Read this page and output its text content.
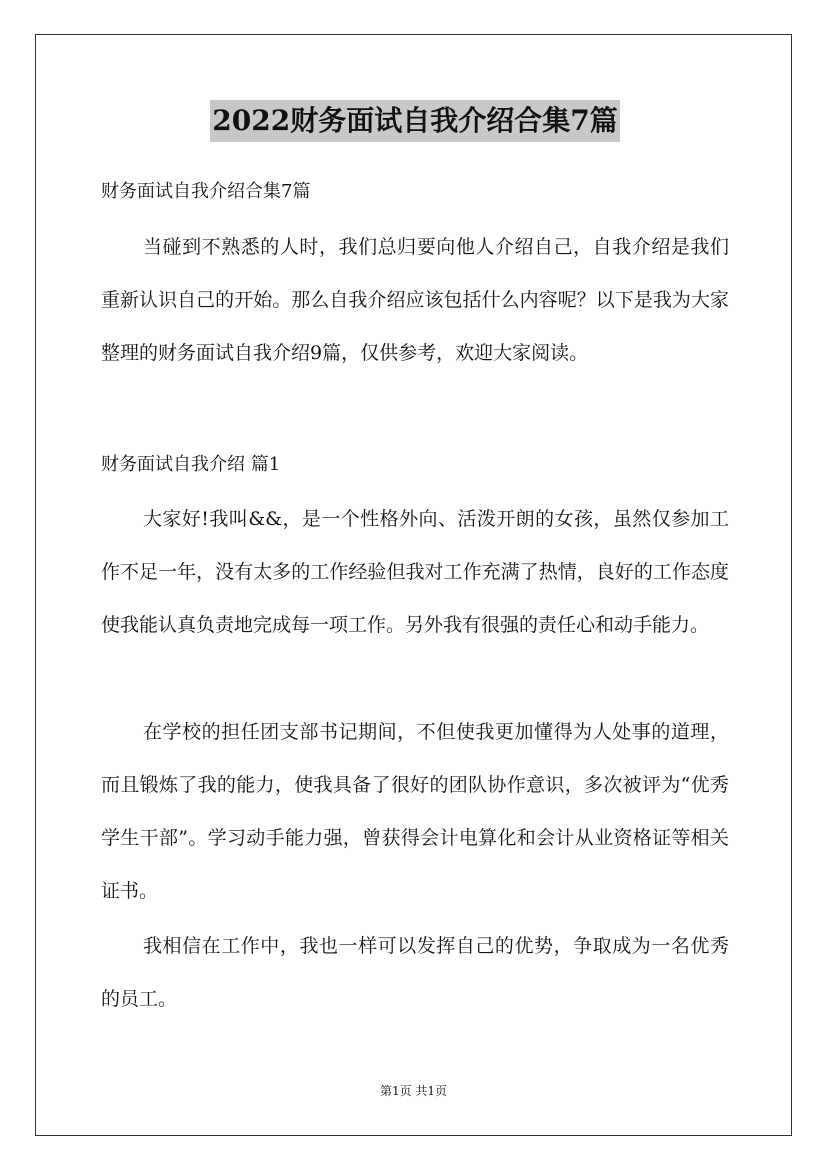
2022财务面试自我介绍合集7篇
财务面试自我介绍合集7篇

当碰到不熟悉的人时，我们总归要向他人介绍自己，自我介绍是我们重新认识自己的开始。那么自我介绍应该包括什么内容呢？以下是我为大家整理的财务面试自我介绍9篇，仅供参考，欢迎大家阅读。

财务面试自我介绍 篇1

大家好!我叫&&，是一个性格外向、活泼开朗的女孩，虽然仅参加工作不足一年，没有太多的工作经验但我对工作充满了热情，良好的工作态度使我能认真负责地完成每一项工作。另外我有很强的责任心和动手能力。

在学校的担任团支部书记期间，不但使我更加懂得为人处事的道理，而且锻炼了我的能力，使我具备了很好的团队协作意识，多次被评为“优秀学生干部”。学习动手能力强，曾获得会计电算化和会计从业资格证等相关证书。

我相信在工作中，我也一样可以发挥自己的优势，争取成为一名优秀的员工。

第1页 共1页
